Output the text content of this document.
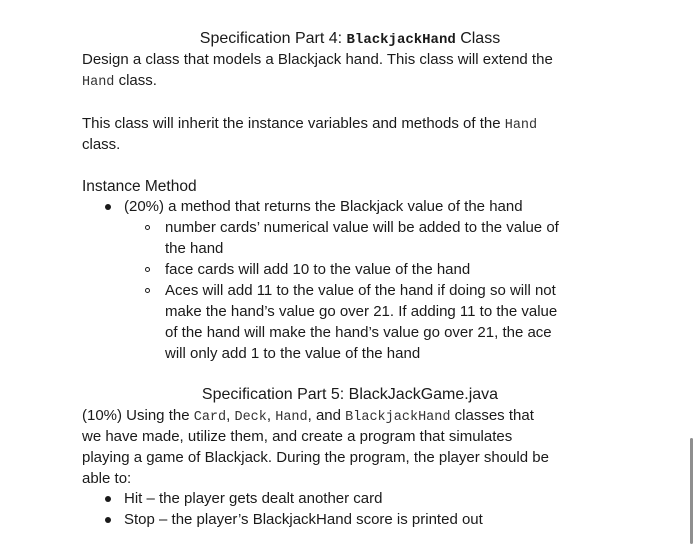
Specification Part 4: BlackjackHand Class
Design a class that models a Blackjack hand. This class will extend the
Hand class.
This class will inherit the instance variables and methods of the Hand
class.
Instance Method
(20%) a method that returns the Blackjack value of the hand
number cards’ numerical value will be added to the value of
the hand
face cards will add 10 to the value of the hand
Aces will add 11 to the value of the hand if doing so will not
make the hand’s value go over 21. If adding 11 to the value
of the hand will make the hand’s value go over 21, the ace
will only add 1 to the value of the hand
Specification Part 5: BlackJackGame.java
(10%) Using the Card, Deck, Hand, and BlackjackHand classes that
we have made, utilize them, and create a program that simulates
playing a game of Blackjack. During the program, the player should be
able to:
Hit – the player gets dealt another card
Stop – the player’s BlackjackHand score is printed out
